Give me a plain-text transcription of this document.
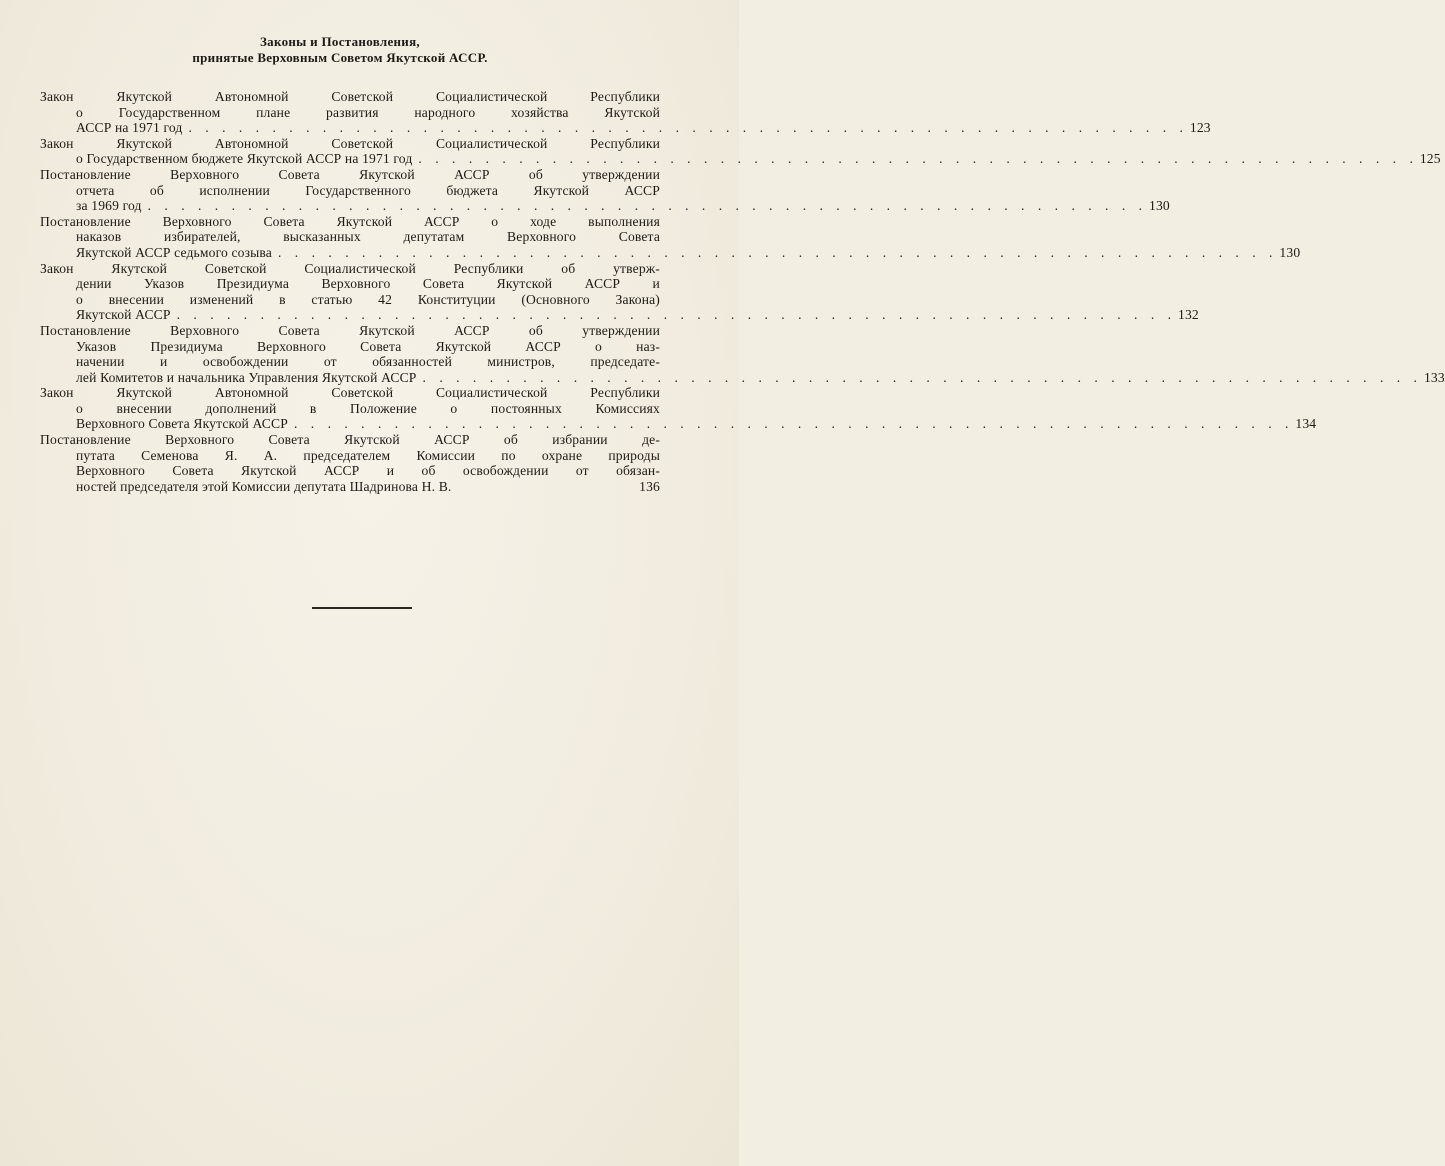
Законы и Постановления,
принятые Верховным Советом Якутской АССР.
Закон Якутской Автономной Советской Социалистической Республики
о Государственном плане развития народного хозяйства Якутской
АССР на 1971 год . . . . . . . . . . . . . . . . . . . . . . . . . . . . . . . . . . . . . . . . . . . . . . . . . . . . . . . . . . . . 123
Закон Якутской Автономной Советской Социалистической Республики
о Государственном бюджете Якутской АССР на 1971 год . . . . . . . . . . . . . . . . . . . . . . . . . . . . . . . . . . . . . . . . . . . . . . . . . . . . . . . . . . . . 125
Постановление Верховного Совета Якутской АССР об утверждении
отчета об исполнении Государственного бюджета Якутской АССР
за 1969 год . . . . . . . . . . . . . . . . . . . . . . . . . . . . . . . . . . . . . . . . . . . . . . . . . . . . . . . . . . . . 130
Постановление Верховного Совета Якутской АССР о ходе выполнения
наказов избирателей, высказанных депутатам Верховного Совета
Якутской АССР седьмого созыва . . . . . . . . . . . . . . . . . . . . . . . . . . . . . . . . . . . . . . . . . . . . . . . . . . . . . . . . . . . . 130
Закон Якутской Советской Социалистической Республики об утверж-
дении Указов Президиума Верховного Совета Якутской АССР и
о внесении изменений в статью 42 Конституции (Основного Закона)
Якутской АССР . . . . . . . . . . . . . . . . . . . . . . . . . . . . . . . . . . . . . . . . . . . . . . . . . . . . . . . . . . . . 132
Постановление Верховного Совета Якутской АССР об утверждении
Указов Президиума Верховного Совета Якутской АССР о наз-
начении и освобождении от обязанностей министров, председате-
лей Комитетов и начальника Управления Якутской АССР . . . . . . . . . . . . . . . . . . . . . . . . . . . . . . . . . . . . . . . . . . . . . . . . . . . . . . . . . . . . 133
Закон Якутской Автономной Советской Социалистической Республики
о внесении дополнений в Положение о постоянных Комиссиях
Верховного Совета Якутской АССР . . . . . . . . . . . . . . . . . . . . . . . . . . . . . . . . . . . . . . . . . . . . . . . . . . . . . . . . . . . . 134
Постановление Верховного Совета Якутской АССР об избрании де-
путата Семенова Я. А. председателем Комиссии по охране природы
Верховного Совета Якутской АССР и об освобождении от обязан-
ностей председателя этой Комиссии депутата Шадринова Н. В.	136
